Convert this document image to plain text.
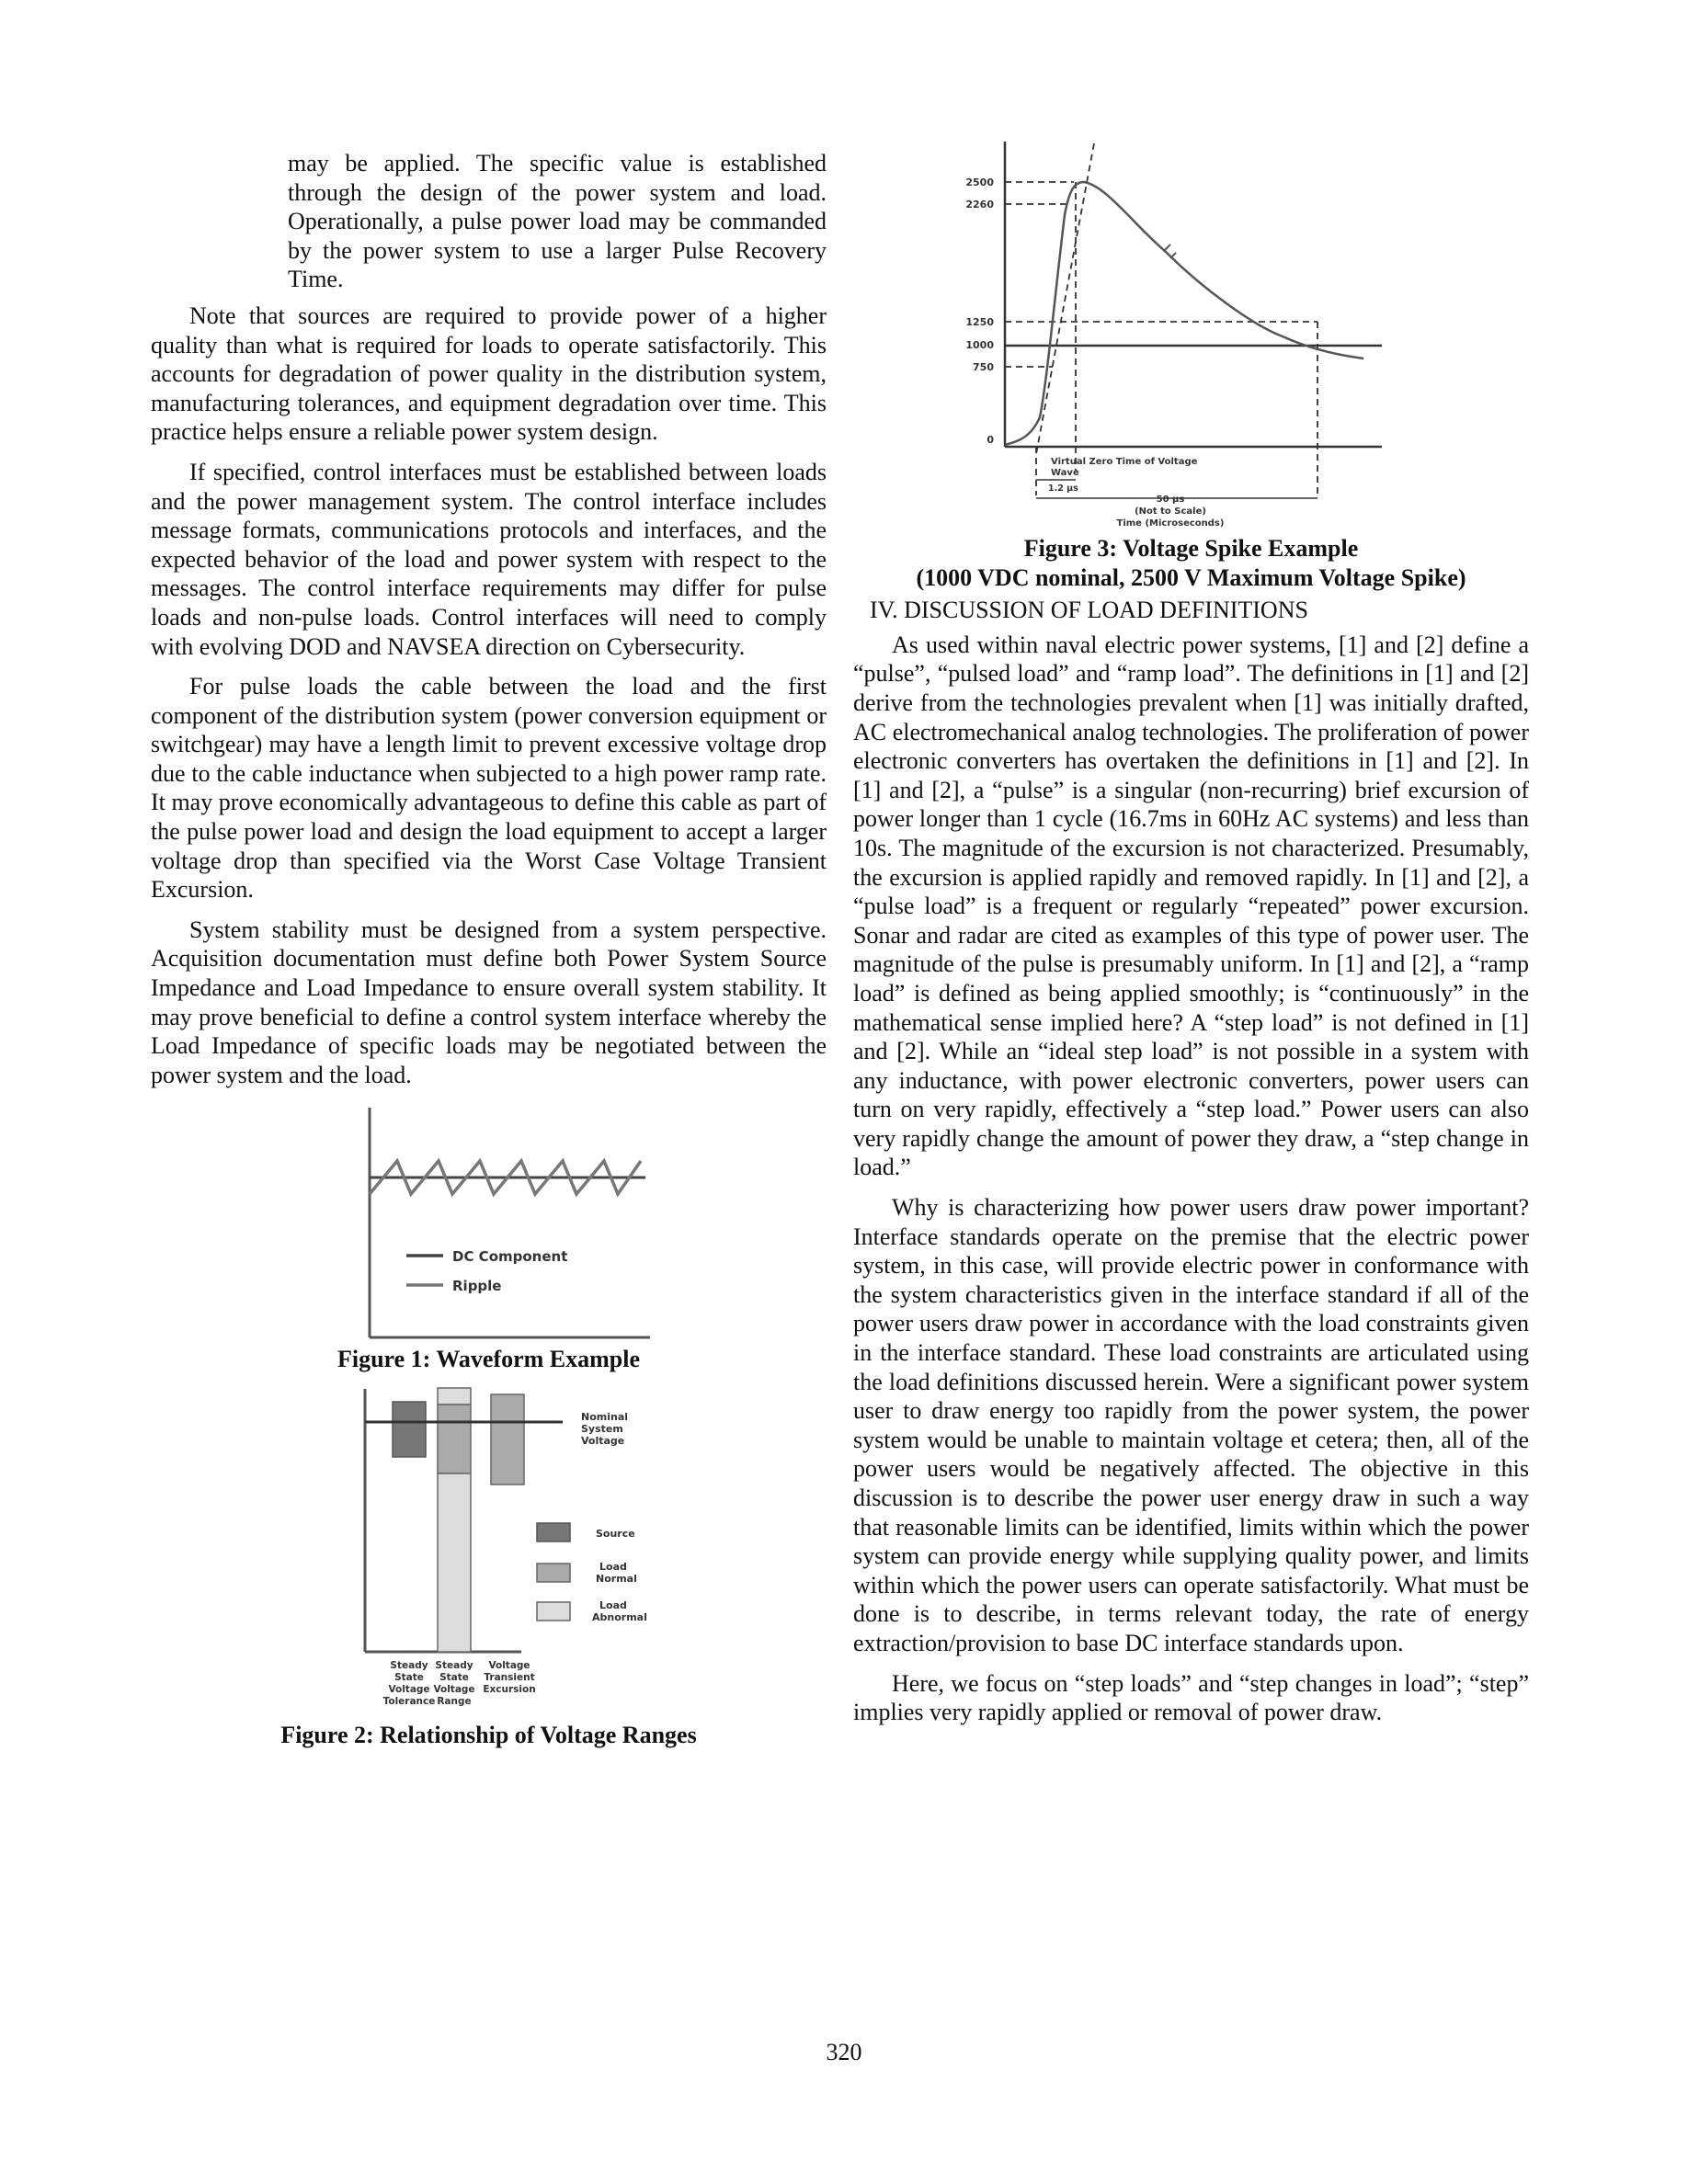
may be applied. The specific value is established through the design of the power system and load. Operationally, a pulse power load may be commanded by the power system to use a larger Pulse Recovery Time.

Note that sources are required to provide power of a higher quality than what is required for loads to operate satisfactorily. This accounts for degradation of power quality in the distribution system, manufacturing tolerances, and equipment degradation over time. This practice helps ensure a reliable power system design.

If specified, control interfaces must be established between loads and the power management system. The control interface includes message formats, communications protocols and interfaces, and the expected behavior of the load and power system with respect to the messages. The control interface requirements may differ for pulse loads and non-pulse loads. Control interfaces will need to comply with evolving DOD and NAVSEA direction on Cybersecurity.

For pulse loads the cable between the load and the first component of the distribution system (power conversion equipment or switchgear) may have a length limit to prevent excessive voltage drop due to the cable inductance when subjected to a high power ramp rate. It may prove economically advantageous to define this cable as part of the pulse power load and design the load equipment to accept a larger voltage drop than specified via the Worst Case Voltage Transient Excursion.

System stability must be designed from a system perspective. Acquisition documentation must define both Power System Source Impedance and Load Impedance to ensure overall system stability. It may prove beneficial to define a control system interface whereby the Load Impedance of specific loads may be negotiated between the power system and the load.

DC Component
Ripple

Figure 1: Waveform Example

Nominal
System
Voltage
Source
Load
Normal
Load
Abnormal
Steady
State
Voltage
Tolerance
Steady
State
Voltage
Range
Voltage
Transient
Excursion

Figure 2: Relationship of Voltage Ranges

2500
2260
1250
1000
750
0
Virtual Zero Time of Voltage
Wave
1.2 µs
50 µs
(Not to Scale)
Time (Microseconds)

Figure 3: Voltage Spike Example

(1000 VDC nominal, 2500 V Maximum Voltage Spike)

IV. DISCUSSION OF LOAD DEFINITIONS

As used within naval electric power systems, [1] and [2] define a “pulse”, “pulsed load” and “ramp load”. The definitions in [1] and [2] derive from the technologies prevalent when [1] was initially drafted, AC electromechanical analog technologies. The proliferation of power electronic converters has overtaken the definitions in [1] and [2]. In [1] and [2], a “pulse” is a singular (non-recurring) brief excursion of power longer than 1 cycle (16.7ms in 60Hz AC systems) and less than 10s. The magnitude of the excursion is not characterized. Presumably, the excursion is applied rapidly and removed rapidly. In [1] and [2], a “pulse load” is a frequent or regularly “repeated” power excursion. Sonar and radar are cited as examples of this type of power user. The magnitude of the pulse is presumably uniform. In [1] and [2], a “ramp load” is defined as being applied smoothly; is “continuously” in the mathematical sense implied here? A “step load” is not defined in [1] and [2]. While an “ideal step load” is not possible in a system with any inductance, with power electronic converters, power users can turn on very rapidly, effectively a “step load.” Power users can also very rapidly change the amount of power they draw, a “step change in load.”

Why is characterizing how power users draw power important? Interface standards operate on the premise that the electric power system, in this case, will provide electric power in conformance with the system characteristics given in the interface standard if all of the power users draw power in accordance with the load constraints given in the interface standard. These load constraints are articulated using the load definitions discussed herein. Were a significant power system user to draw energy too rapidly from the power system, the power system would be unable to maintain voltage et cetera; then, all of the power users would be negatively affected. The objective in this discussion is to describe the power user energy draw in such a way that reasonable limits can be identified, limits within which the power system can provide energy while supplying quality power, and limits within which the power users can operate satisfactorily. What must be done is to describe, in terms relevant today, the rate of energy extraction/provision to base DC interface standards upon.

Here, we focus on “step loads” and “step changes in load”; “step” implies very rapidly applied or removal of power draw.

320
